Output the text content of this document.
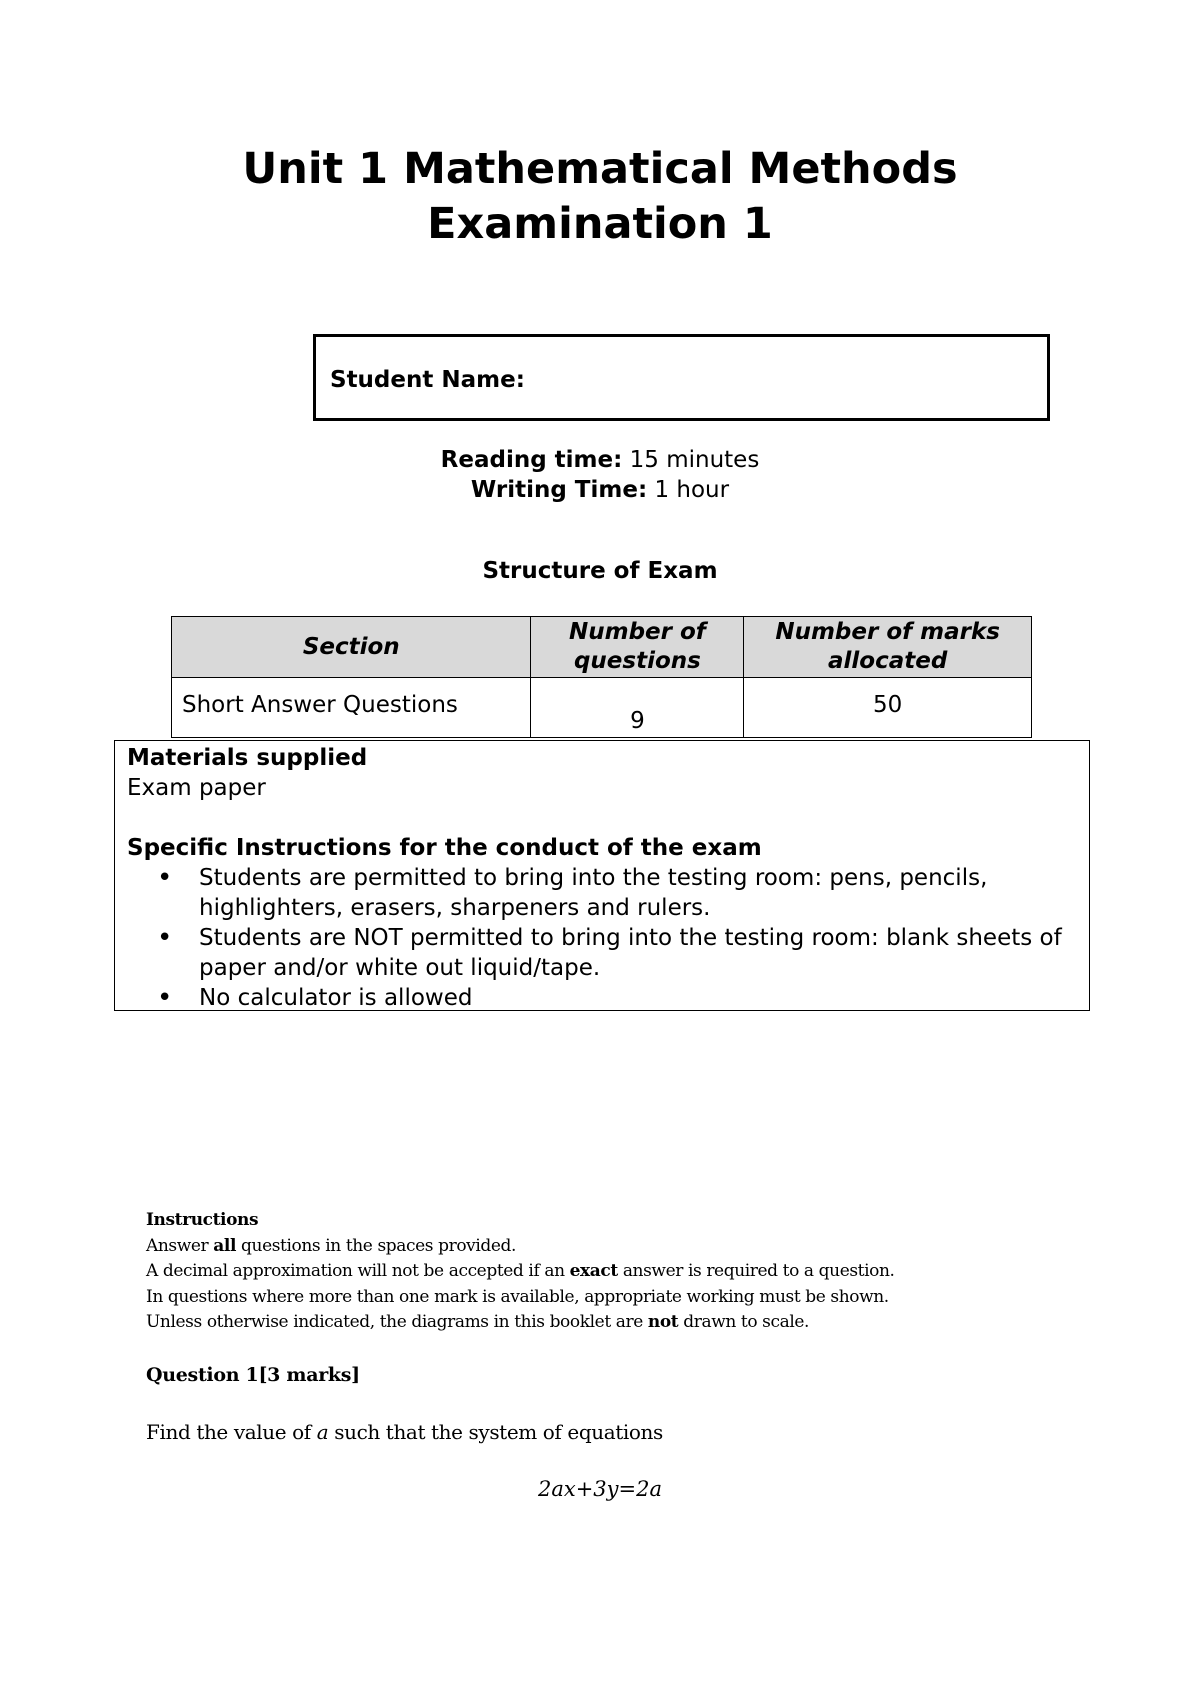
Unit 1 Mathematical Methods
Examination 1
Student Name:
Reading time: 15 minutes
Writing Time: 1 hour
Structure of Exam
Section	Number of questions	Number of marks allocated
Short Answer Questions	9	50
Materials supplied
Exam paper
Specific Instructions for the conduct of the exam
• Students are permitted to bring into the testing room: pens, pencils, highlighters, erasers, sharpeners and rulers.
• Students are NOT permitted to bring into the testing room: blank sheets of paper and/or white out liquid/tape.
• No calculator is allowed
Instructions
Answer all questions in the spaces provided.
A decimal approximation will not be accepted if an exact answer is required to a question.
In questions where more than one mark is available, appropriate working must be shown.
Unless otherwise indicated, the diagrams in this booklet are not drawn to scale.
Question 1[3 marks]
Find the value of a such that the system of equations
2ax+3y=2a
